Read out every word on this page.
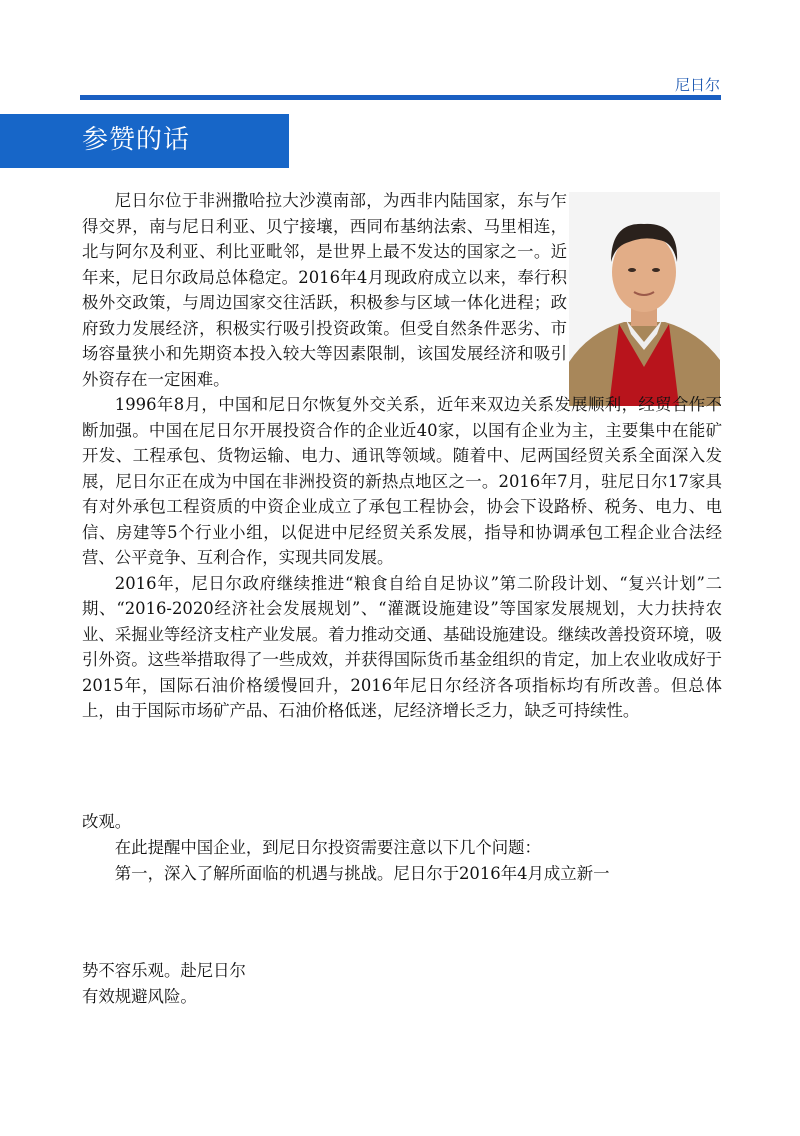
尼日尔
参赞的话

尼日尔位于非洲撒哈拉大沙漠南部，为西非内陆国家，东与乍得交界，南与尼日利亚、贝宁接壤，西同布基纳法索、马里相连，北与阿尔及利亚、利比亚毗邻，是世界上最不发达的国家之一。近年来，尼日尔政局总体稳定。2016年4月现政府成立以来，奉行积极外交政策，与周边国家交往活跃，积极参与区域一体化进程；政府致力发展经济，积极实行吸引投资政策。但受自然条件恶劣、市场容量狭小和先期资本投入较大等因素限制，该国发展经济和吸引外资存在一定困难。

1996年8月，中国和尼日尔恢复外交关系，近年来双边关系发展顺利，经贸合作不断加强。中国在尼日尔开展投资合作的企业近40家，以国有企业为主，主要集中在能矿开发、工程承包、货物运输、电力、通讯等领域。随着中、尼两国经贸关系全面深入发展，尼日尔正在成为中国在非洲投资的新热点地区之一。2016年7月，驻尼日尔17家具有对外承包工程资质的中资企业成立了承包工程协会，协会下设路桥、税务、电力、电信、房建等5个行业小组，以促进中尼经贸关系发展，指导和协调承包工程企业合法经营、公平竞争、互利合作，实现共同发展。

2016年，尼日尔政府继续推进“粮食自给自足协议”第二阶段计划、“复兴计划”二期、“2016-2020经济社会发展规划”、“灌溉设施建设”等国家发展规划，大力扶持农业、采掘业等经济支柱产业发展。着力推动交通、基础设施建设。继续改善投资环境，吸引外资。这些举措取得了一些成效，并获得国际货币基金组织的肯定，加上农业收成好于2015年，国际石油价格缓慢回升，2016年尼日尔经济各项指标均有所改善。但总体上，由于国际市场矿产品、石油价格低迷，尼经济增长乏力，缺乏可持续性。

改观。

在此提醒中国企业，到尼日尔投资需要注意以下几个问题：

第一，深入了解所面临的机遇与挑战。尼日尔于2016年4月成立新一

势不容乐观。赴尼日尔

有效规避风险。
